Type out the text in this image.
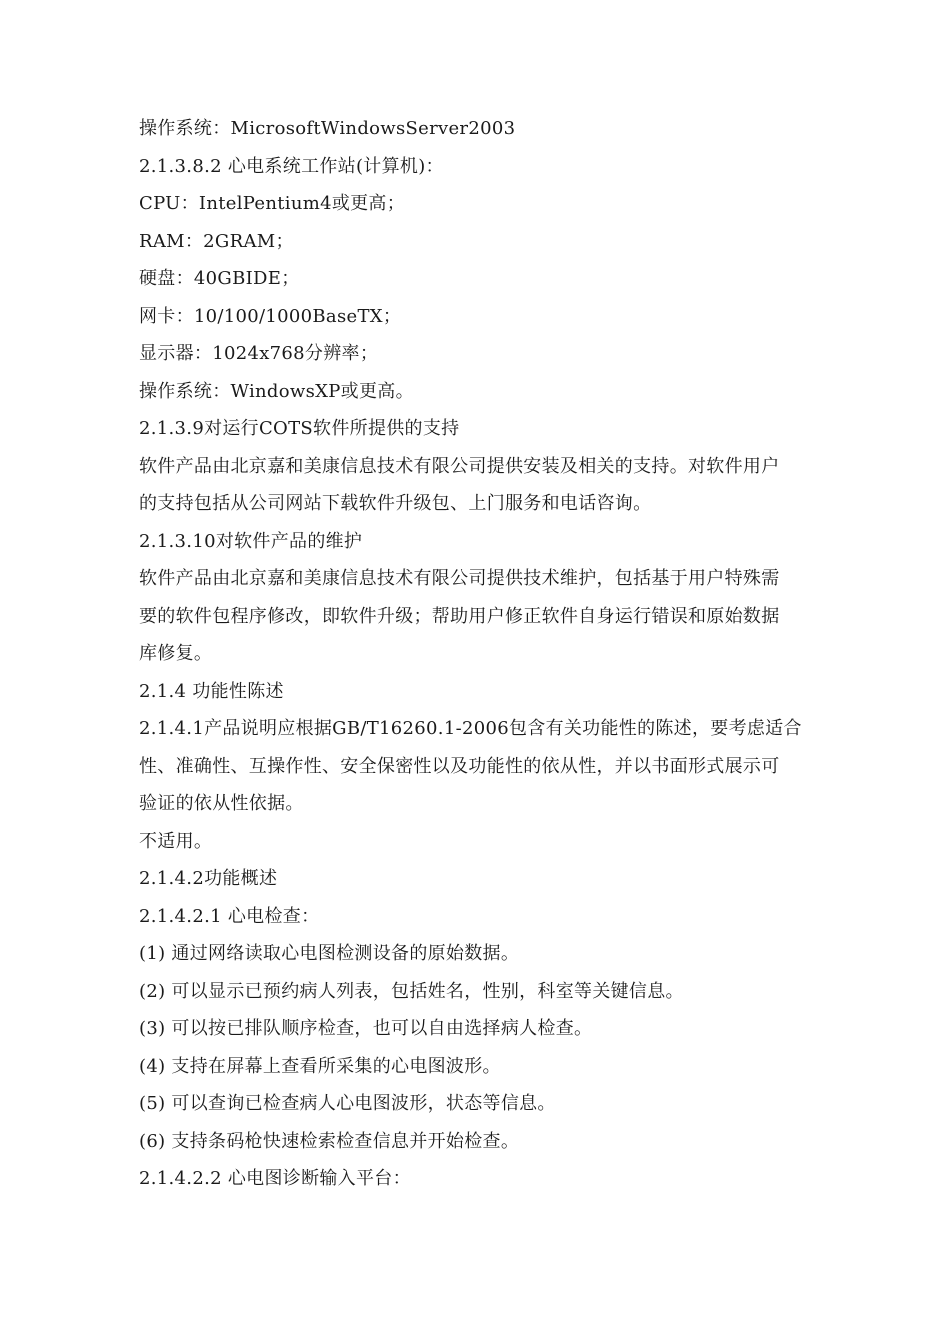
操作系统：MicrosoftWindowsServer2003

2.1.3.8.2 心电系统工作站(计算机)：

CPU：IntelPentium4或更高；

RAM：2GRAM；

硬盘：40GBIDE；

网卡：10/100/1000BaseTX；

显示器：1024x768分辨率；

操作系统：WindowsXP或更高。

2.1.3.9对运行COTS软件所提供的支持

软件产品由北京嘉和美康信息技术有限公司提供安装及相关的支持。对软件用户

的支持包括从公司网站下载软件升级包、上门服务和电话咨询。

2.1.3.10对软件产品的维护

软件产品由北京嘉和美康信息技术有限公司提供技术维护，包括基于用户特殊需

要的软件包程序修改，即软件升级；帮助用户修正软件自身运行错误和原始数据

库修复。

2.1.4 功能性陈述

2.1.4.1产品说明应根据GB/T16260.1-2006包含有关功能性的陈述，要考虑适合

性、准确性、互操作性、安全保密性以及功能性的依从性，并以书面形式展示可

验证的依从性依据。

不适用。

2.1.4.2功能概述

2.1.4.2.1 心电检查：

(1) 通过网络读取心电图检测设备的原始数据。

(2) 可以显示已预约病人列表，包括姓名，性别，科室等关键信息。

(3) 可以按已排队顺序检查，也可以自由选择病人检查。

(4) 支持在屏幕上查看所采集的心电图波形。

(5) 可以查询已检查病人心电图波形，状态等信息。

(6) 支持条码枪快速检索检查信息并开始检查。

2.1.4.2.2 心电图诊断输入平台：
